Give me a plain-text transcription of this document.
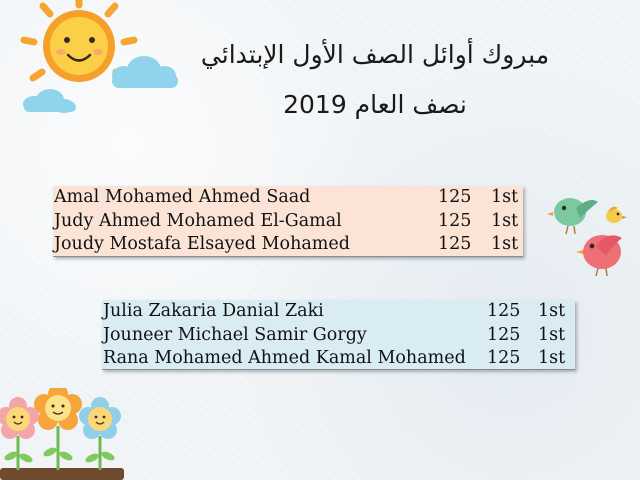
مبروك أوائل الصف الأول الإبتدائي
نصف العام 2019
Amal Mohamed Ahmed Saad	125 1st
Judy Ahmed Mohamed El-Gamal	125 1st
Joudy Mostafa Elsayed Mohamed	125 1st
Julia Zakaria Danial Zaki	125 1st
Jouneer Michael Samir Gorgy	125 1st
Rana Mohamed Ahmed Kamal Mohamed 125 1st
